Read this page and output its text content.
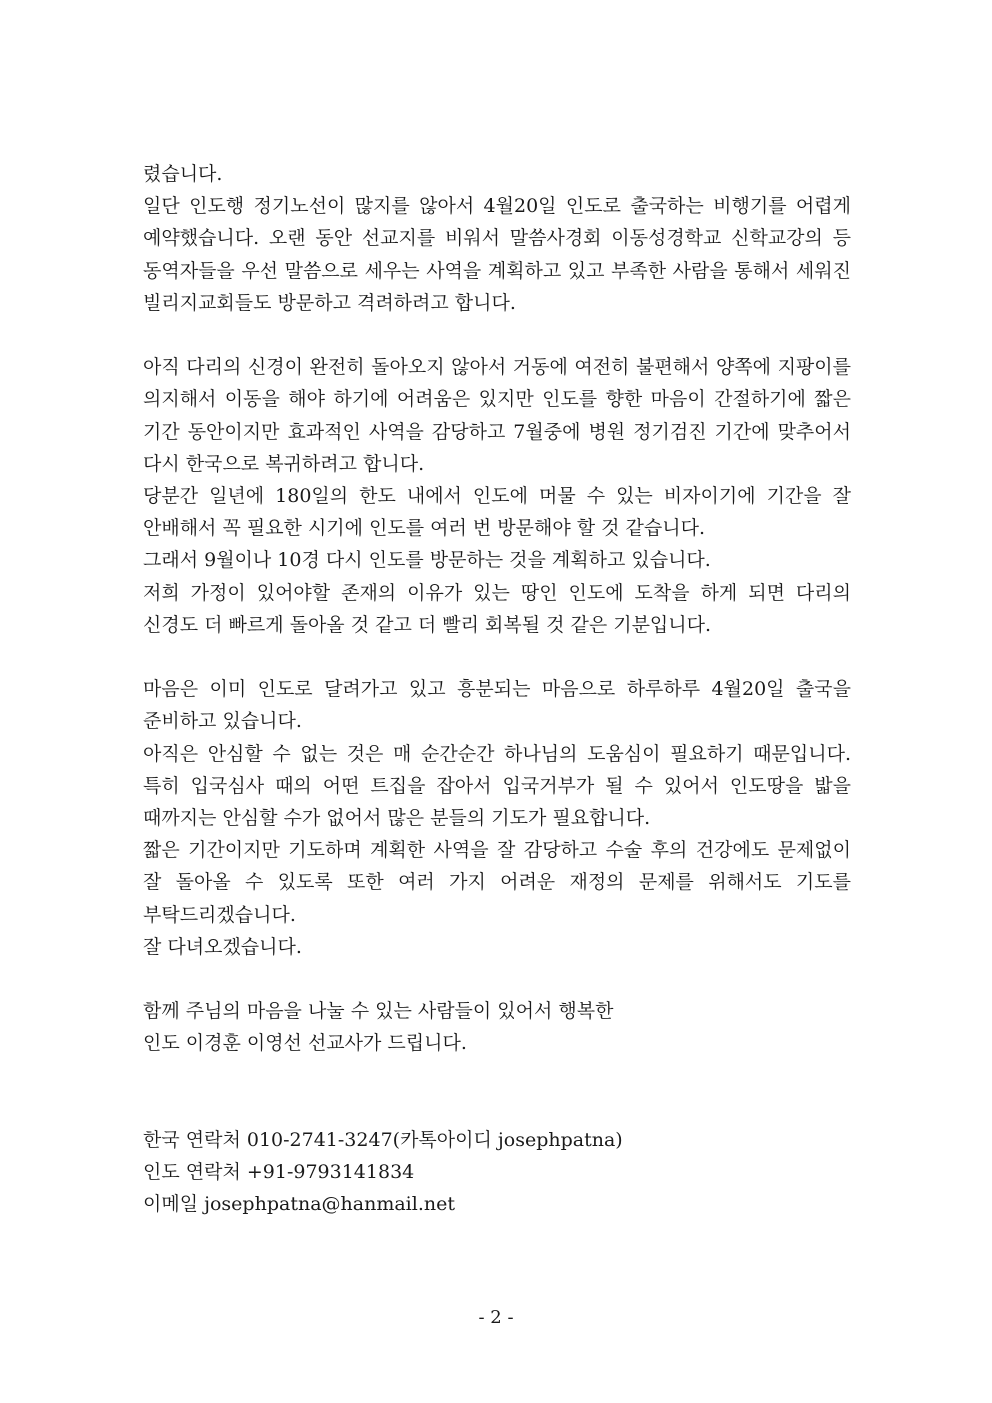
렸습니다.

일단 인도행 정기노선이 많지를 않아서 4월20일 인도로 출국하는 비행기를 어렵게 예약했습니다. 오랜 동안 선교지를 비워서 말씀사경회 이동성경학교 신학교강의 등 동역자들을 우선 말씀으로 세우는 사역을 계획하고 있고 부족한 사람을 통해서 세워진 빌리지교회들도 방문하고 격려하려고 합니다.

아직 다리의 신경이 완전히 돌아오지 않아서 거동에 여전히 불편해서 양쪽에 지팡이를 의지해서 이동을 해야 하기에 어려움은 있지만 인도를 향한 마음이 간절하기에 짧은 기간 동안이지만 효과적인 사역을 감당하고 7월중에 병원 정기검진 기간에 맞추어서 다시 한국으로 복귀하려고 합니다.

당분간 일년에 180일의 한도 내에서 인도에 머물 수 있는 비자이기에 기간을 잘 안배해서 꼭 필요한 시기에 인도를 여러 번 방문해야 할 것 같습니다.

그래서 9월이나 10경 다시 인도를 방문하는 것을 계획하고 있습니다.

저희 가정이 있어야할 존재의 이유가 있는 땅인 인도에 도착을 하게 되면 다리의 신경도 더 빠르게 돌아올 것 같고 더 빨리 회복될 것 같은 기분입니다.

마음은 이미 인도로 달려가고 있고 흥분되는 마음으로 하루하루 4월20일 출국을 준비하고 있습니다.

아직은 안심할 수 없는 것은 매 순간순간 하나님의 도움심이 필요하기 때문입니다. 특히 입국심사 때의 어떤 트집을 잡아서 입국거부가 될 수 있어서 인도땅을 밟을 때까지는 안심할 수가 없어서 많은 분들의 기도가 필요합니다.

짧은 기간이지만 기도하며 계획한 사역을 잘 감당하고 수술 후의 건강에도 문제없이 잘 돌아올 수 있도록 또한 여러 가지 어려운 재정의 문제를 위해서도 기도를 부탁드리겠습니다.

잘 다녀오겠습니다.

함께 주님의 마음을 나눌 수 있는 사람들이 있어서 행복한

인도 이경훈 이영선 선교사가 드립니다.

한국 연락처 010-2741-3247(카톡아이디 josephpatna)

인도 연락처 +91-9793141834

이메일 josephpatna@hanmail.net

- 2 -
